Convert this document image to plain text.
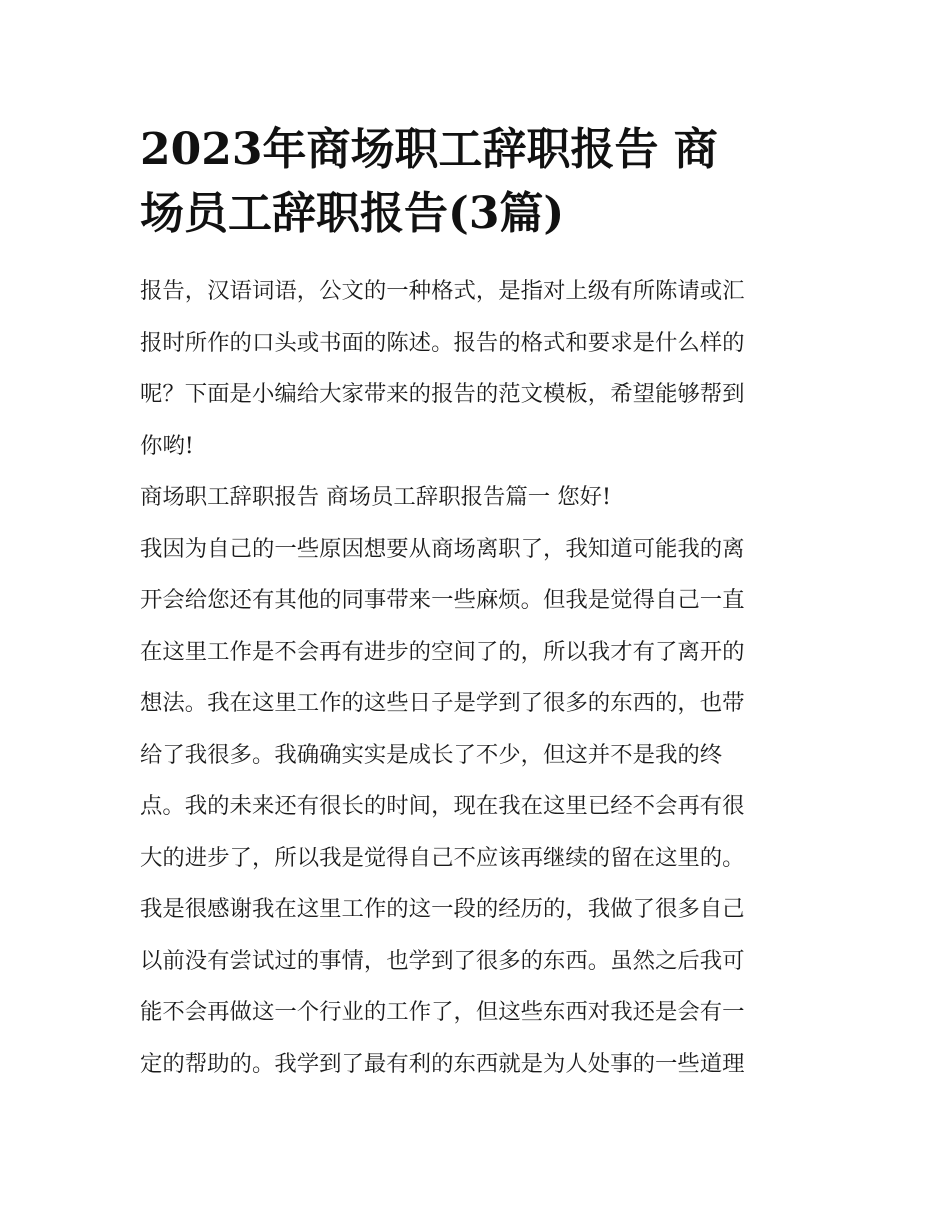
2023年商场职工辞职报告 商
场员工辞职报告(3篇)

报告，汉语词语，公文的一种格式，是指对上级有所陈请或汇
报时所作的口头或书面的陈述。报告的格式和要求是什么样的
呢？下面是小编给大家带来的报告的范文模板，希望能够帮到
你哟!

商场职工辞职报告 商场员工辞职报告篇一 您好!

我因为自己的一些原因想要从商场离职了，我知道可能我的离
开会给您还有其他的同事带来一些麻烦。但我是觉得自己一直
在这里工作是不会再有进步的空间了的，所以我才有了离开的
想法。我在这里工作的这些日子是学到了很多的东西的，也带
给了我很多。我确确实实是成长了不少，但这并不是我的终
点。我的未来还有很长的时间，现在我在这里已经不会再有很
大的进步了，所以我是觉得自己不应该再继续的留在这里的。
我是很感谢我在这里工作的这一段的经历的，我做了很多自己
以前没有尝试过的事情，也学到了很多的东西。虽然之后我可
能不会再做这一个行业的工作了，但这些东西对我还是会有一
定的帮助的。我学到了最有利的东西就是为人处事的一些道理
